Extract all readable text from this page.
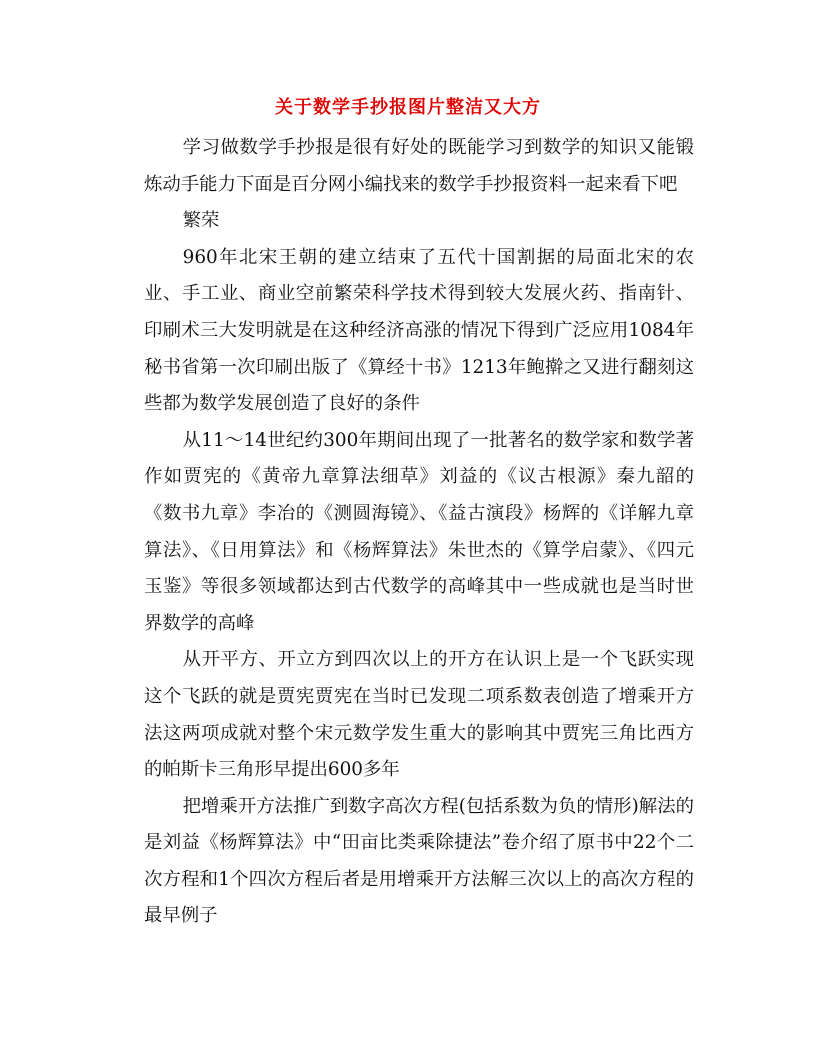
关于数学手抄报图片整洁又大方

学习做数学手抄报是很有好处的既能学习到数学的知识又能锻炼动手能力下面是百分网小编找来的数学手抄报资料一起来看下吧

繁荣

960年北宋王朝的建立结束了五代十国割据的局面北宋的农业、手工业、商业空前繁荣科学技术得到较大发展火药、指南针、印刷术三大发明就是在这种经济高涨的情况下得到广泛应用1084年秘书省第一次印刷出版了《算经十书》1213年鲍擀之又进行翻刻这些都为数学发展创造了良好的条件

从11～14世纪约300年期间出现了一批著名的数学家和数学著作如贾宪的《黄帝九章算法细草》刘益的《议古根源》秦九韶的《数书九章》李冶的《测圆海镜》、《益古演段》杨辉的《详解九章算法》、《日用算法》和《杨辉算法》朱世杰的《算学启蒙》、《四元玉鉴》等很多领域都达到古代数学的高峰其中一些成就也是当时世界数学的高峰

从开平方、开立方到四次以上的开方在认识上是一个飞跃实现这个飞跃的就是贾宪贾宪在当时已发现二项系数表创造了增乘开方法这两项成就对整个宋元数学发生重大的影响其中贾宪三角比西方的帕斯卡三角形早提出600多年

把增乘开方法推广到数字高次方程(包括系数为负的情形)解法的是刘益《杨辉算法》中“田亩比类乘除捷法”卷介绍了原书中22个二次方程和1个四次方程后者是用增乘开方法解三次以上的高次方程的最早例子
